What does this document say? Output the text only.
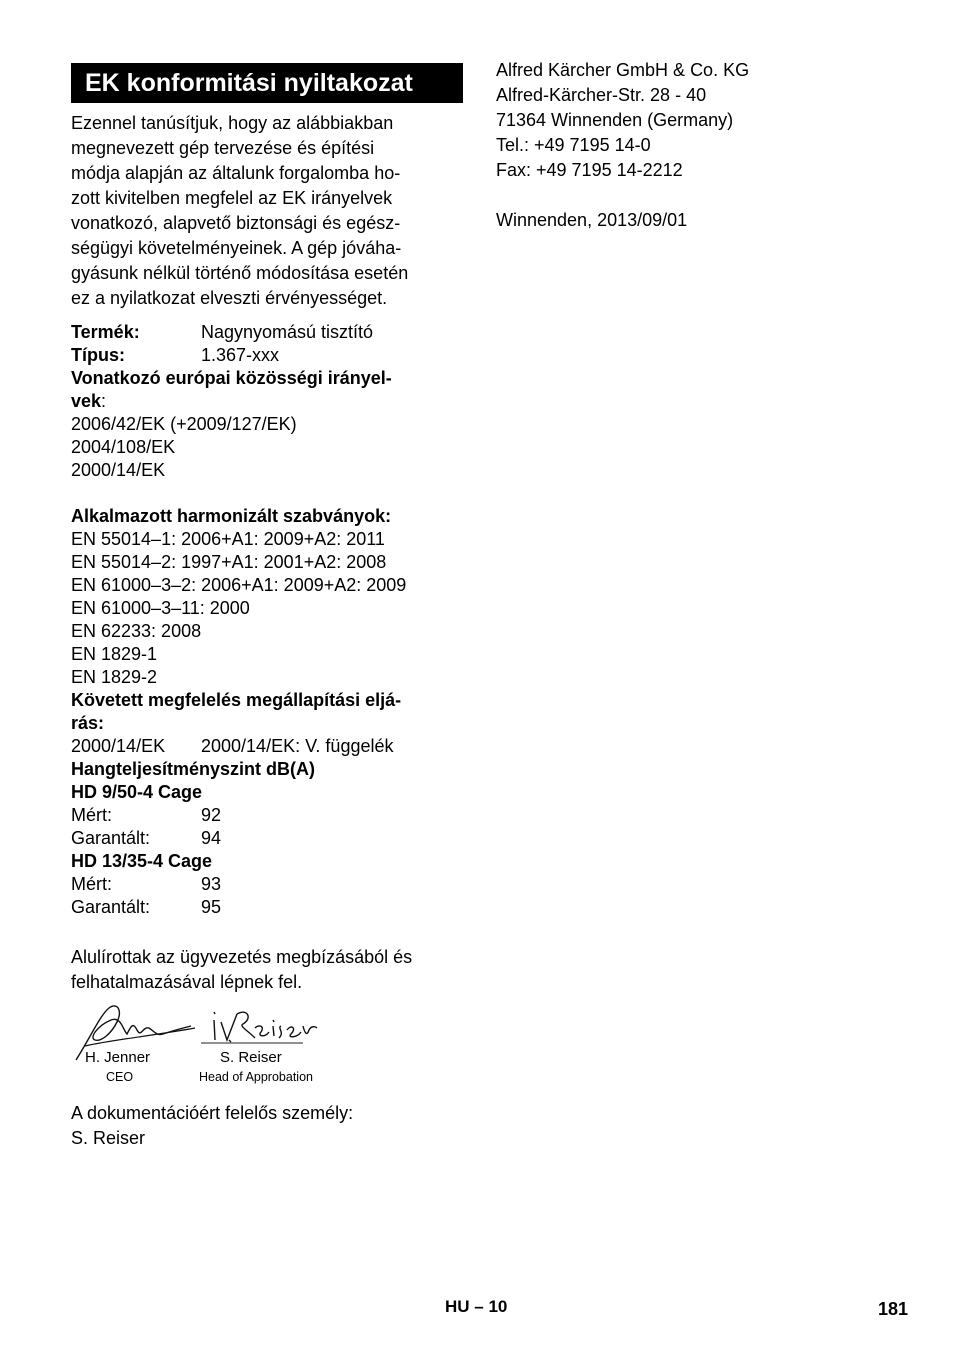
EK konformitási nyiltakozat
Ezennel tanúsítjuk, hogy az alábbiakban
megnevezett gép tervezése és építési
módja alapján az általunk forgalomba ho-
zott kivitelben megfelel az EK irányelvek
vonatkozó, alapvető biztonsági és egész-
ségügyi követelményeinek. A gép jóváha-
gyásunk nélkül történő módosítása esetén
ez a nyilatkozat elveszti érvényességet.
Termék:	Nagynyomású tisztító
Típus:	1.367-xxx
Vonatkozó európai közösségi irányel-
vek:
2006/42/EK (+2009/127/EK)
2004/108/EK
2000/14/EK
Alkalmazott harmonizált szabványok:
EN 55014–1: 2006+A1: 2009+A2: 2011
EN 55014–2: 1997+A1: 2001+A2: 2008
EN 61000–3–2: 2006+A1: 2009+A2: 2009
EN 61000–3–11: 2000
EN 62233: 2008
EN 1829-1
EN 1829-2
Követett megfelelés megállapítási eljá-
rás:
2000/14/EK	2000/14/EK: V. függelék
Hangteljesítményszint dB(A)
HD 9/50-4 Cage
Mért:	92
Garantált:	94
HD 13/35-4 Cage
Mért:	93
Garantált:	95
Alulírottak az ügyvezetés megbízásából és
felhatalmazásával lépnek fel.
H. Jenner
CEO
S. Reiser
Head of Approbation
A dokumentációért felelős személy:
S. Reiser
Alfred Kärcher GmbH & Co. KG
Alfred-Kärcher-Str. 28 - 40
71364 Winnenden (Germany)
Tel.: +49 7195 14-0
Fax: +49 7195 14-2212
Winnenden, 2013/09/01
HU – 10	181
